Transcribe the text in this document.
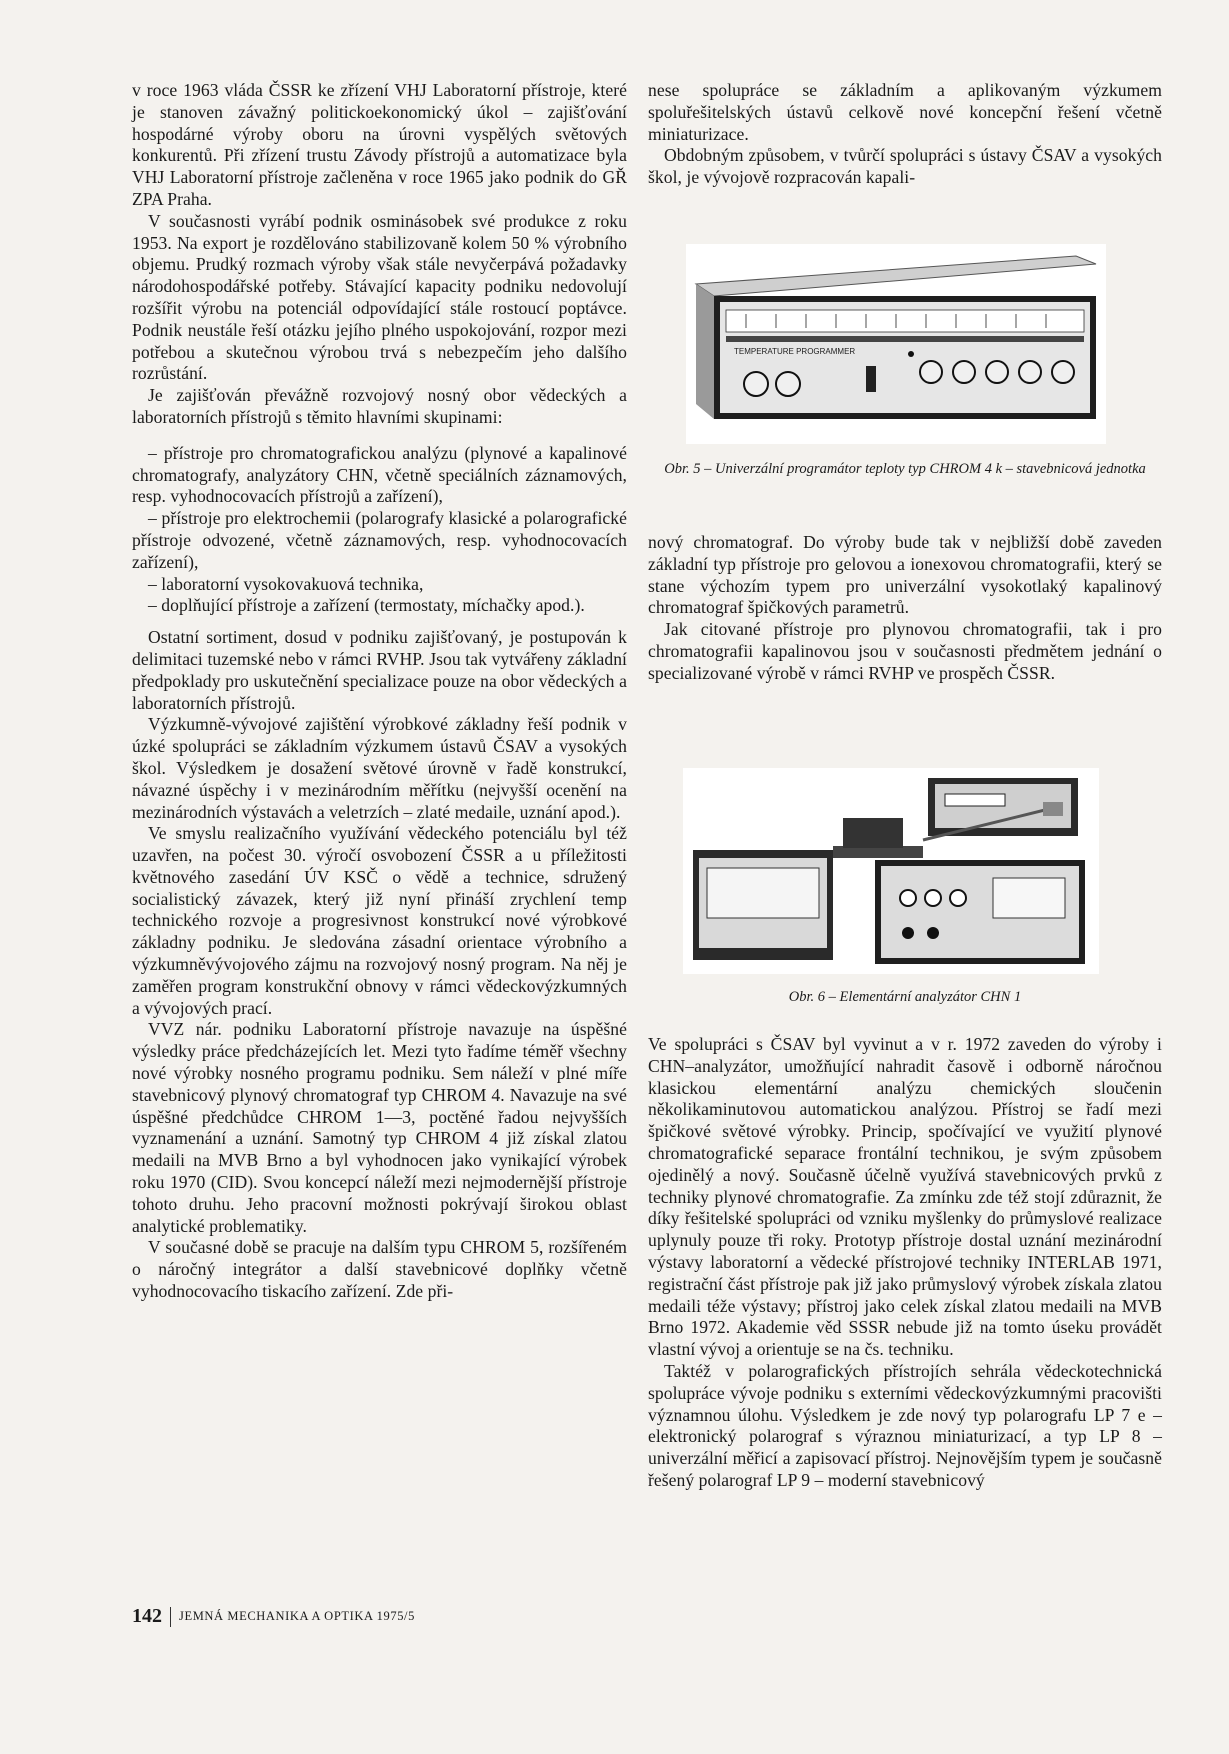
v roce 1963 vláda ČSSR ke zřízení VHJ Laboratorní přístroje, které je stanoven závažný politickoekonomický úkol – zajišťování hospodárné výroby oboru na úrovni vyspělých světových konkurentů. Při zřízení trustu Závody přístrojů a automatizace byla VHJ Laboratorní přístroje začleněna v roce 1965 jako podnik do GŘ ZPA Praha.

V současnosti vyrábí podnik osminásobek své produkce z roku 1953. Na export je rozdělováno stabilizovaně kolem 50 % výrobního objemu. Prudký rozmach výroby však stále nevyčerpává požadavky národohospodářské potřeby. Stávající kapacity podniku nedovolují rozšířit výrobu na potenciál odpovídající stále rostoucí poptávce. Podnik neustále řeší otázku jejího plného uspokojování, rozpor mezi potřebou a skutečnou výrobou trvá s nebezpečím jeho dalšího rozrůstání.

Je zajišťován převážně rozvojový nosný obor vědeckých a laboratorních přístrojů s těmito hlavními skupinami:

– přístroje pro chromatografickou analýzu (plynové a kapalinové chromatografy, analyzátory CHN, včetně speciálních záznamových, resp. vyhodnocovacích přístrojů a zařízení),

– přístroje pro elektrochemii (polarografy klasické a polarografické přístroje odvozené, včetně záznamových, resp. vyhodnocovacích zařízení),

– laboratorní vysokovakuová technika,

– doplňující přístroje a zařízení (termostaty, míchačky apod.).

Ostatní sortiment, dosud v podniku zajišťovaný, je postupován k delimitaci tuzemské nebo v rámci RVHP. Jsou tak vytvářeny základní předpoklady pro uskutečnění specializace pouze na obor vědeckých a laboratorních přístrojů.

Výzkumně-vývojové zajištění výrobkové základny řeší podnik v úzké spolupráci se základním výzkumem ústavů ČSAV a vysokých škol. Výsledkem je dosažení světové úrovně v řadě konstrukcí, návazné úspěchy i v mezinárodním měřítku (nejvyšší ocenění na mezinárodních výstavách a veletrzích – zlaté medaile, uznání apod.).

Ve smyslu realizačního využívání vědeckého potenciálu byl též uzavřen, na počest 30. výročí osvobození ČSSR a u příležitosti květnového zasedání ÚV KSČ o vědě a technice, sdružený socialistický závazek, který již nyní přináší zrychlení temp technického rozvoje a progresivnost konstrukcí nové výrobkové základny podniku. Je sledována zásadní orientace výrobního a výzkumněvývojového zájmu na rozvojový nosný program. Na něj je zaměřen program konstrukční obnovy v rámci vědeckovýzkumných a vývojových prací.

VVZ nár. podniku Laboratorní přístroje navazuje na úspěšné výsledky práce předcházejících let. Mezi tyto řadíme téměř všechny nové výrobky nosného programu podniku. Sem náleží v plné míře stavebnicový plynový chromatograf typ CHROM 4. Navazuje na své úspěšné předchůdce CHROM 1—3, poctěné řadou nejvyšších vyznamenání a uznání. Samotný typ CHROM 4 již získal zlatou medaili na MVB Brno a byl vyhodnocen jako vynikající výrobek roku 1970 (CID). Svou koncepcí náleží mezi nejmodernější přístroje tohoto druhu. Jeho pracovní možnosti pokrývají širokou oblast analytické problematiky.

V současné době se pracuje na dalším typu CHROM 5, rozšířeném o náročný integrátor a další stavebnicové doplňky včetně vyhodnocovacího tiskacího zařízení. Zde při-

nese spolupráce se základním a aplikovaným výzkumem spoluřešitelských ústavů celkově nové koncepční řešení včetně miniaturizace.

Obdobným způsobem, v tvůrčí spolupráci s ústavy ČSAV a vysokých škol, je vývojově rozpracován kapali-

TEMPERATURE PROGRAMMER
Obr. 5 – Univerzální programátor teploty typ CHROM 4 k – stavebnicová jednotka

nový chromatograf. Do výroby bude tak v nejbližší době zaveden základní typ přístroje pro gelovou a ionexovou chromatografii, který se stane výchozím typem pro univerzální vysokotlaký kapalinový chromatograf špičkových parametrů.

Jak citované přístroje pro plynovou chromatografii, tak i pro chromatografii kapalinovou jsou v současnosti předmětem jednání o specializované výrobě v rámci RVHP ve prospěch ČSSR.

Obr. 6 – Elementární analyzátor CHN 1

Ve spolupráci s ČSAV byl vyvinut a v r. 1972 zaveden do výroby i CHN–analyzátor, umožňující nahradit časově i odborně náročnou klasickou elementární analýzu chemických sloučenin několikaminutovou automatickou analýzou. Přístroj se řadí mezi špičkové světové výrobky. Princip, spočívající ve využití plynové chromatografické separace frontální technikou, je svým způsobem ojedinělý a nový. Současně účelně využívá stavebnicových prvků z techniky plynové chromatografie. Za zmínku zde též stojí zdůraznit, že díky řešitelské spolupráci od vzniku myšlenky do průmyslové realizace uplynuly pouze tři roky. Prototyp přístroje dostal uznání mezinárodní výstavy laboratorní a vědecké přístrojové techniky INTERLAB 1971, registrační část přístroje pak již jako průmyslový výrobek získala zlatou medaili téže výstavy; přístroj jako celek získal zlatou medaili na MVB Brno 1972. Akademie věd SSSR nebude již na tomto úseku provádět vlastní vývoj a orientuje se na čs. techniku.

Taktéž v polarografických přístrojích sehrála vědeckotechnická spolupráce vývoje podniku s externími vědeckovýzkumnými pracovišti významnou úlohu. Výsledkem je zde nový typ polarografu LP 7 e – elektronický polarograf s výraznou miniaturizací, a typ LP 8 – univerzální měřicí a zapisovací přístroj. Nejnovějším typem je současně řešený polarograf LP 9 – moderní stavebnicový

142 JEMNÁ MECHANIKA A OPTIKA 1975/5
